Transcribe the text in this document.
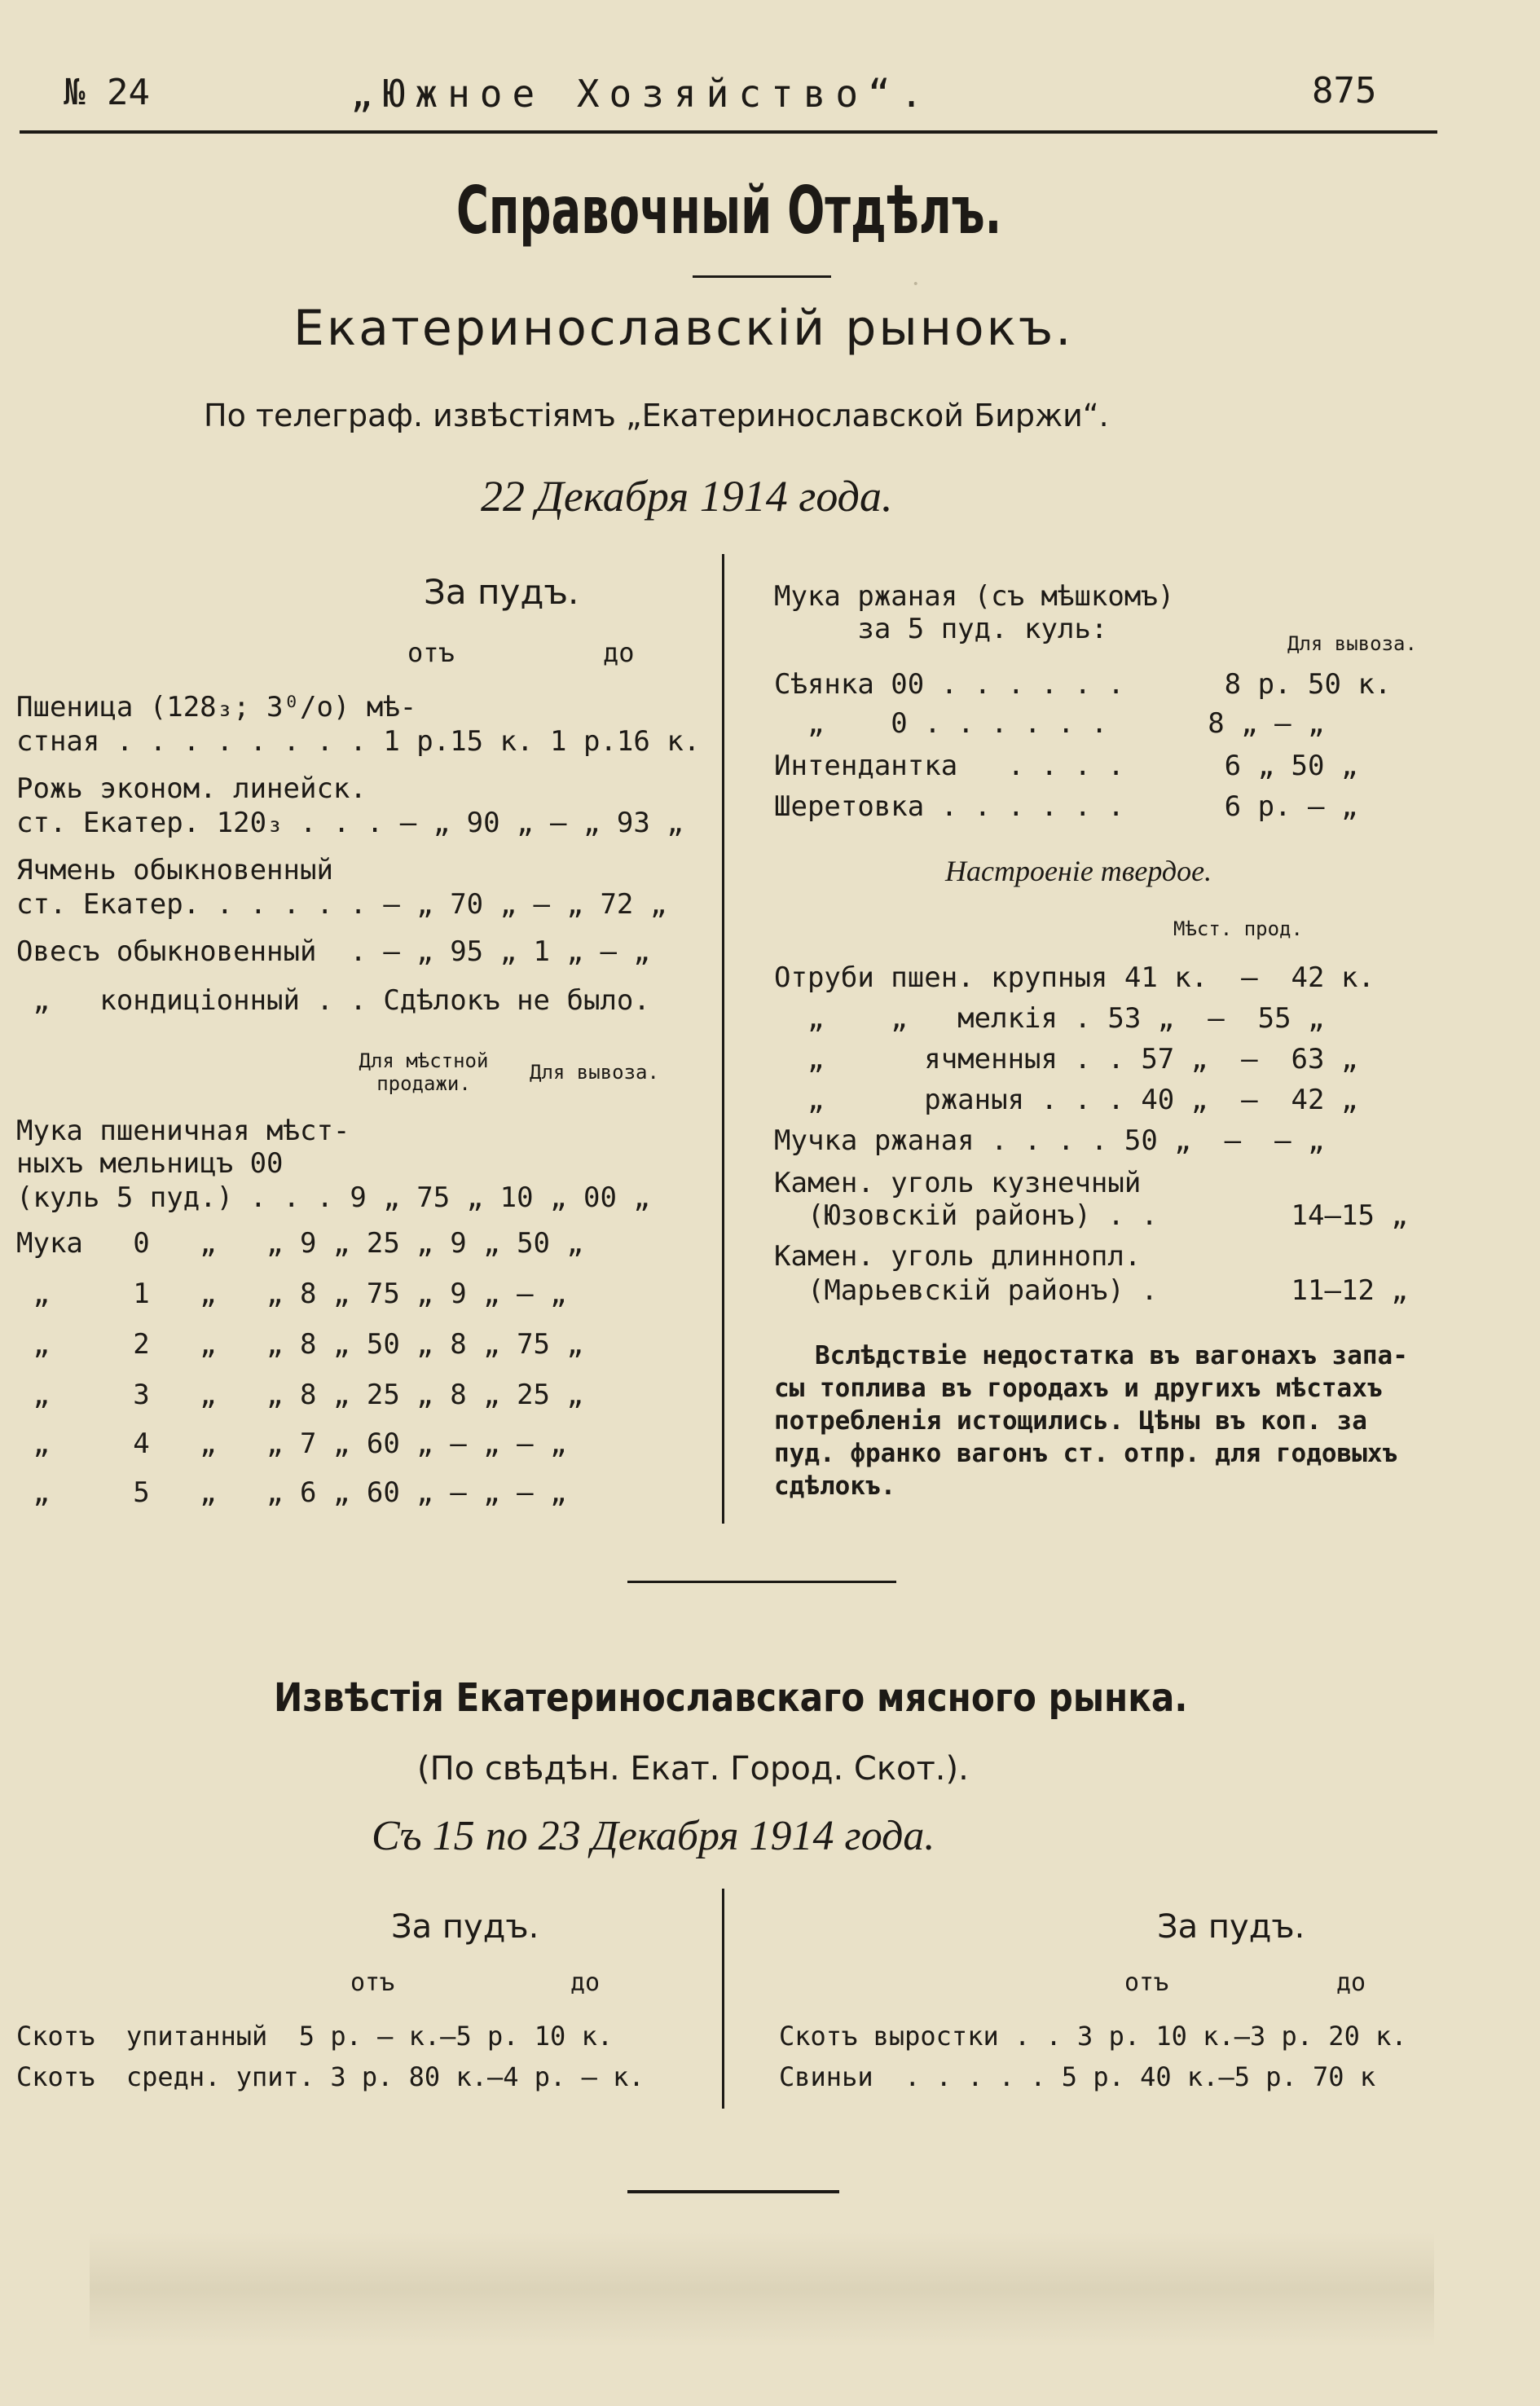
·
№ 24	„Южное Хозяйство“.	875
Справочный Отдѣлъ.
Екатеринославскій рынокъ.
По телеграф. извѣстіямъ „Екатеринославской Биржи“.
22 Декабря 1914 года.
За пудъ.
отъ	до
Пшеница (128₃; 3⁰/о) мѣ-
стная . . . . . . . . 1 р.15 к. 1 р.16 к.
Рожь эконом. линейск.
ст. Екатер. 120₃ . . . — „ 90 „ — „ 93 „
Ячмень обыкновенный
ст. Екатер. . . . . . — „ 70 „ — „ 72 „
Овесъ обыкновенный  . — „ 95 „ 1 „ — „
„   кондиціонный . . Сдѣлокъ не было.
Для мѣстной продажи.	Для вывоза.
Мука пшеничная мѣст-
ныхъ мельницъ 00
(куль 5 пуд.) . . . 9 „ 75 „ 10 „ 00 „
Мука   0   „   „ 9 „ 25 „ 9 „ 50 „
„     1   „   „ 8 „ 75 „ 9 „ — „
„     2   „   „ 8 „ 50 „ 8 „ 75 „
„     3   „   „ 8 „ 25 „ 8 „ 25 „
„     4   „   „ 7 „ 60 „ — „ — „
„     5   „   „ 6 „ 60 „ — „ — „
Мука ржаная (съ мѣшкомъ)
за 5 пуд. куль:	Для вывоза.
Сѣянка 00 . . . . . .      8 р. 50 к.
„    0 . . . . . .      8 „ — „
Интендантка   . . . .      6 „ 50 „
Шеретовка . . . . . .      6 р. — „
Настроеніе твердое.
Мѣст. прод.
Отруби пшен. крупныя 41 к.  —  42 к.
„    „   мелкія . 53 „  —  55 „
„      ячменныя . . 57 „  —  63 „
„      ржаныя . . . 40 „  —  42 „
Мучка ржаная . . . . 50 „  —  — „
Камен. уголь кузнечный
(Юзовскій районъ) . .        14—15 „
Камен. уголь длиннопл.
(Марьевскій районъ) .        11—12 „
Вслѣдствіе недостатка въ вагонахъ запа-
сы топлива въ городахъ и другихъ мѣстахъ
потребленія истощились. Цѣны въ коп. за
пуд. франко вагонъ ст. отпр. для годовыхъ
сдѣлокъ.
Извѣстія Екатеринославскаго мясного рынка.
(По свѣдѣн. Екат. Город. Скот.).
Съ 15 по 23 Декабря 1914 года.
За пудъ.
отъ	до
Скотъ  упитанный  5 р. — к.—5 р. 10 к.
Скотъ  средн. упит. 3 р. 80 к.—4 р. — к.
За пудъ.
отъ	до
Скотъ выростки . . 3 р. 10 к.—3 р. 20 к.
Свиньи  . . . . . 5 р. 40 к.—5 р. 70 к
